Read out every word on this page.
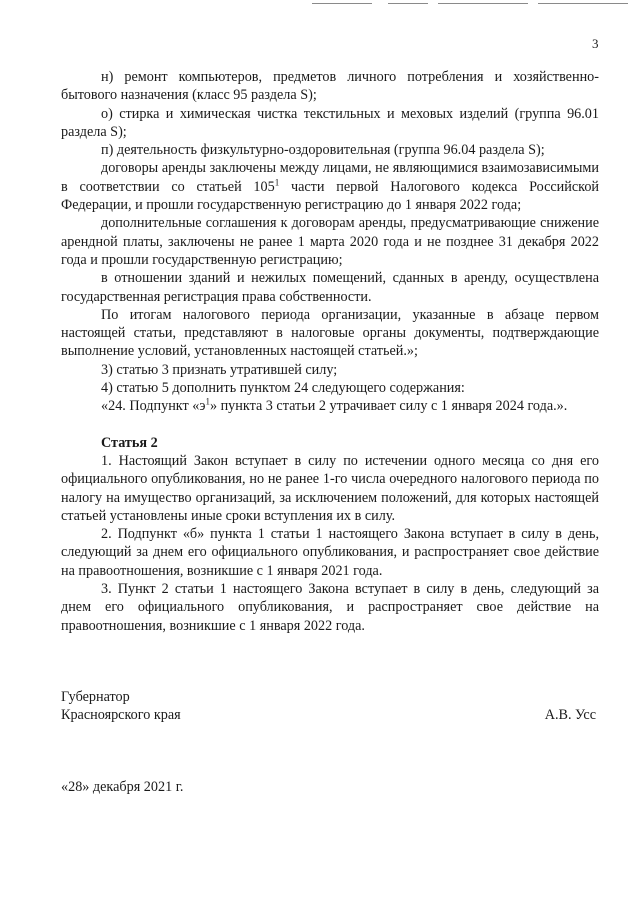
3

н) ремонт компьютеров, предметов личного потребления и хозяйственно-бытового назначения (класс 95 раздела S);

о) стирка и химическая чистка текстильных и меховых изделий (группа 96.01 раздела S);

п) деятельность физкультурно-оздоровительная (группа 96.04 раздела S);

договоры аренды заключены между лицами, не являющимися взаимозависимыми в соответствии со статьей $105^1$ части первой Налогового кодекса Российской Федерации, и прошли государственную регистрацию до 1 января 2022 года;

дополнительные соглашения к договорам аренды, предусматривающие снижение арендной платы, заключены не ранее 1 марта 2020 года и не позднее 31 декабря 2022 года и прошли государственную регистрацию;

в отношении зданий и нежилых помещений, сданных в аренду, осуществлена государственная регистрация права собственности.

По итогам налогового периода организации, указанные в абзаце первом настоящей статьи, представляют в налоговые органы документы, подтверждающие выполнение условий, установленных настоящей статьей.»;

3) статью 3 признать утратившей силу;

4) статью 5 дополнить пунктом 24 следующего содержания:

«24. Подпункт «$э^1$» пункта 3 статьи 2 утрачивает силу с 1 января 2024 года.».

Статья 2

1. Настоящий Закон вступает в силу по истечении одного месяца со дня его официального опубликования, но не ранее 1-го числа очередного налогового периода по налогу на имущество организаций, за исключением положений, для которых настоящей статьей установлены иные сроки вступления их в силу.

2. Подпункт «б» пункта 1 статьи 1 настоящего Закона вступает в силу в день, следующий за днем его официального опубликования, и распространяет свое действие на правоотношения, возникшие с 1 января 2021 года.

3. Пункт 2 статьи 1 настоящего Закона вступает в силу в день, следующий за днем его официального опубликования, и распространяет свое действие на правоотношения, возникшие с 1 января 2022 года.

Губернатор
Красноярского края	А.В. Усс
«28» декабря 2021 г.
